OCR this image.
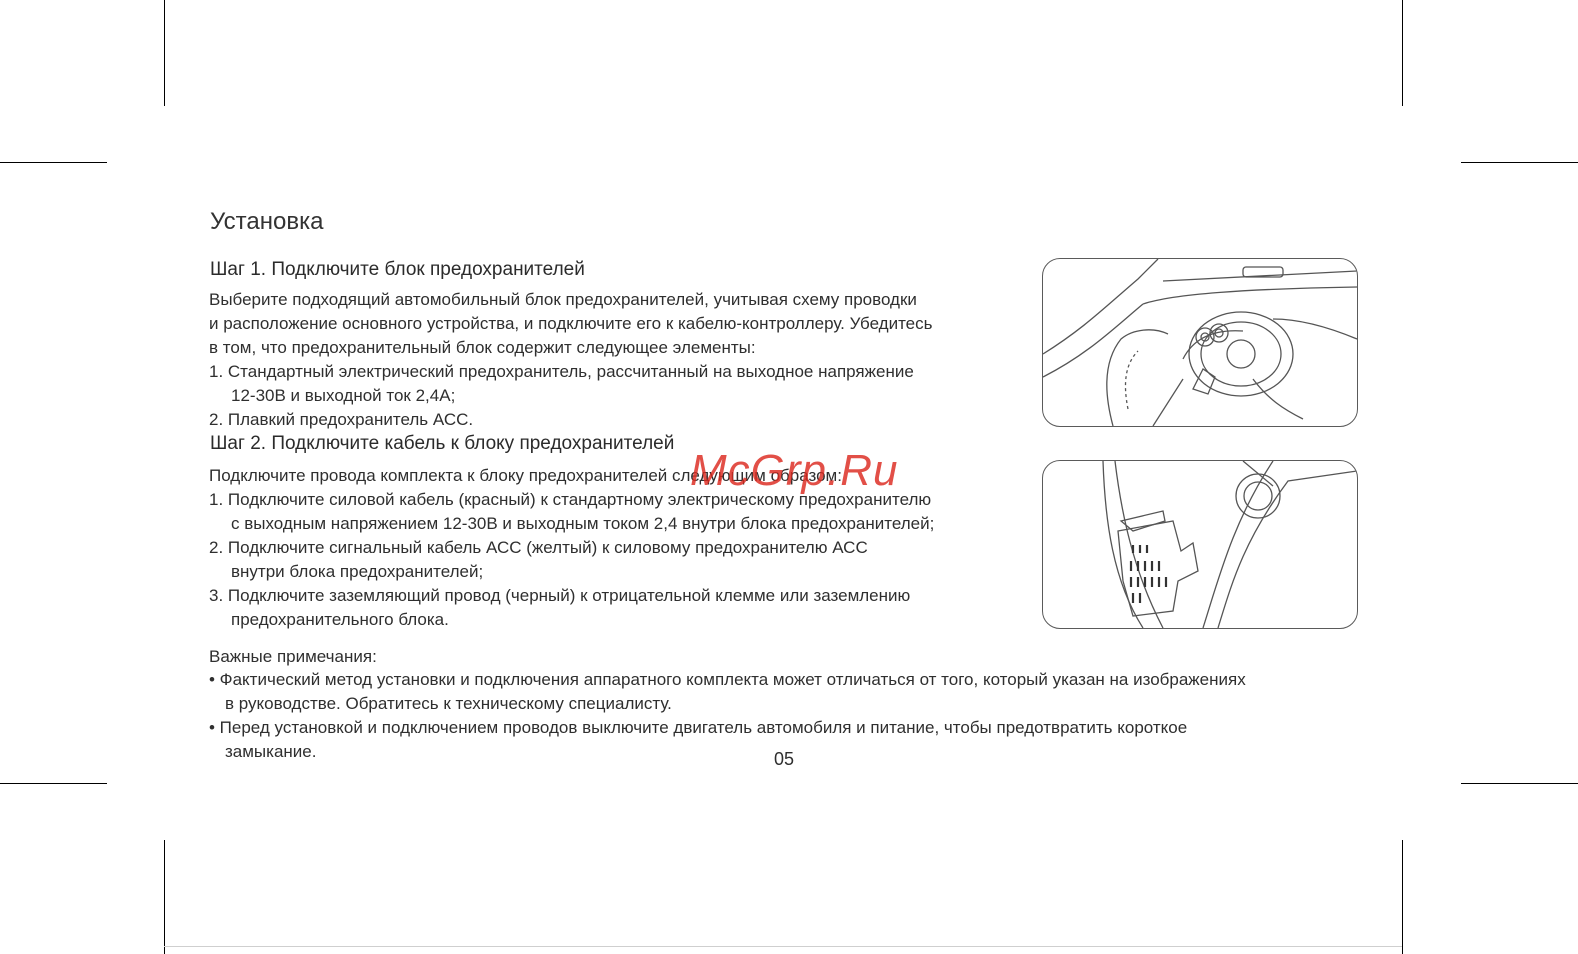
Установка
Шаг 1. Подключите блок предохранителей
Выберите подходящий автомобильный блок предохранителей, учитывая схему проводки
и расположение основного устройства, и подключите его к кабелю-контроллеру. Убедитесь
в том, что предохранительный блок содержит следующее элементы:
1. Стандартный электрический предохранитель, рассчитанный на выходное напряжение
12-30В и выходной ток 2,4А;
2. Плавкий предохранитель АСС.
Шаг 2. Подключите кабель к блоку предохранителей
Подключите провода комплекта к блоку предохранителей следующим образом:
1. Подключите силовой кабель (красный) к стандартному электрическому предохранителю
с выходным напряжением 12-30В и выходным током 2,4 внутри блока предохранителей;
2. Подключите сигнальный кабель АСС (желтый) к силовому предохранителю АСС
внутри блока предохранителей;
3. Подключите заземляющий провод (черный) к отрицательной клемме или заземлению
предохранительного блока.
Важные примечания:
• Фактический метод установки и подключения аппаратного комплекта может отличаться от того, который указан на изображениях
в руководстве. Обратитесь к техническому специалисту.
• Перед установкой и подключением проводов выключите двигатель автомобиля и питание, чтобы предотвратить короткое
замыкание.	05
McGrp.Ru
